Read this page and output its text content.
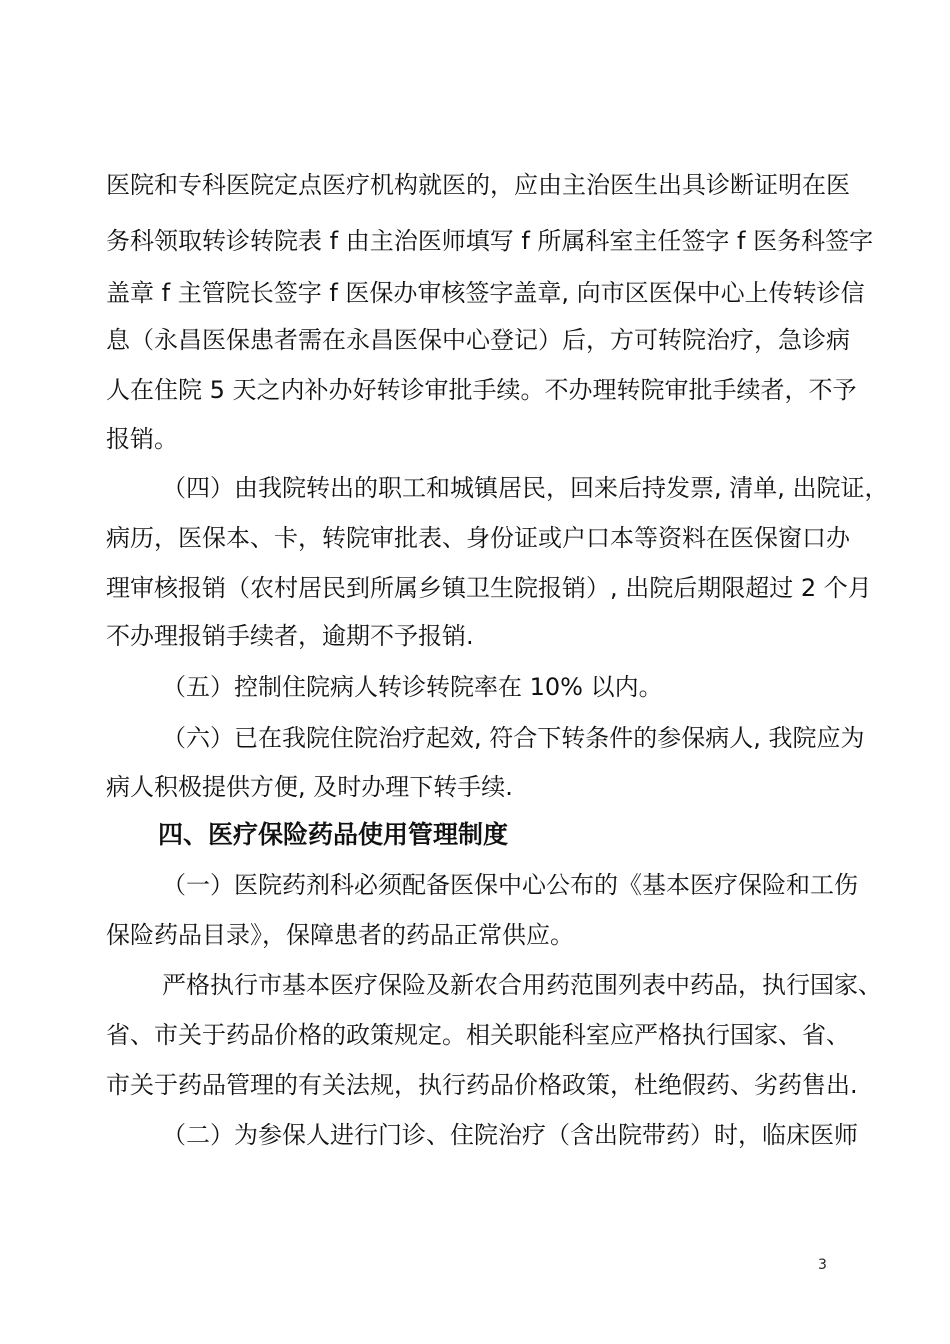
医院和专科医院定点医疗机构就医的，应由主治医生出具诊断证明在医
务科领取转诊转院表 f 由主治医师填写 f 所属科室主任签字 f 医务科签字
盖章 f 主管院长签字 f 医保办审核签字盖章, 向市区医保中心上传转诊信
息（永昌医保患者需在永昌医保中心登记）后，方可转院治疗，急诊病
人在住院 5 天之内补办好转诊审批手续。不办理转院审批手续者，不予
报销。
（四）由我院转出的职工和城镇居民，回来后持发票, 清单, 出院证，
病历，医保本、卡，转院审批表、身份证或户口本等资料在医保窗口办
理审核报销（农村居民到所属乡镇卫生院报销）, 出院后期限超过 2 个月
不办理报销手续者，逾期不予报销.
（五）控制住院病人转诊转院率在 10% 以内。
（六）已在我院住院治疗起效, 符合下转条件的参保病人, 我院应为
病人积极提供方便, 及时办理下转手续.
四、医疗保险药品使用管理制度
（一）医院药剂科必须配备医保中心公布的《基本医疗保险和工伤
保险药品目录》，保障患者的药品正常供应。
严格执行市基本医疗保险及新农合用药范围列表中药品，执行国家、
省、市关于药品价格的政策规定。相关职能科室应严格执行国家、省、
市关于药品管理的有关法规，执行药品价格政策，杜绝假药、劣药售出.
（二）为参保人进行门诊、住院治疗（含出院带药）时，临床医师
3
